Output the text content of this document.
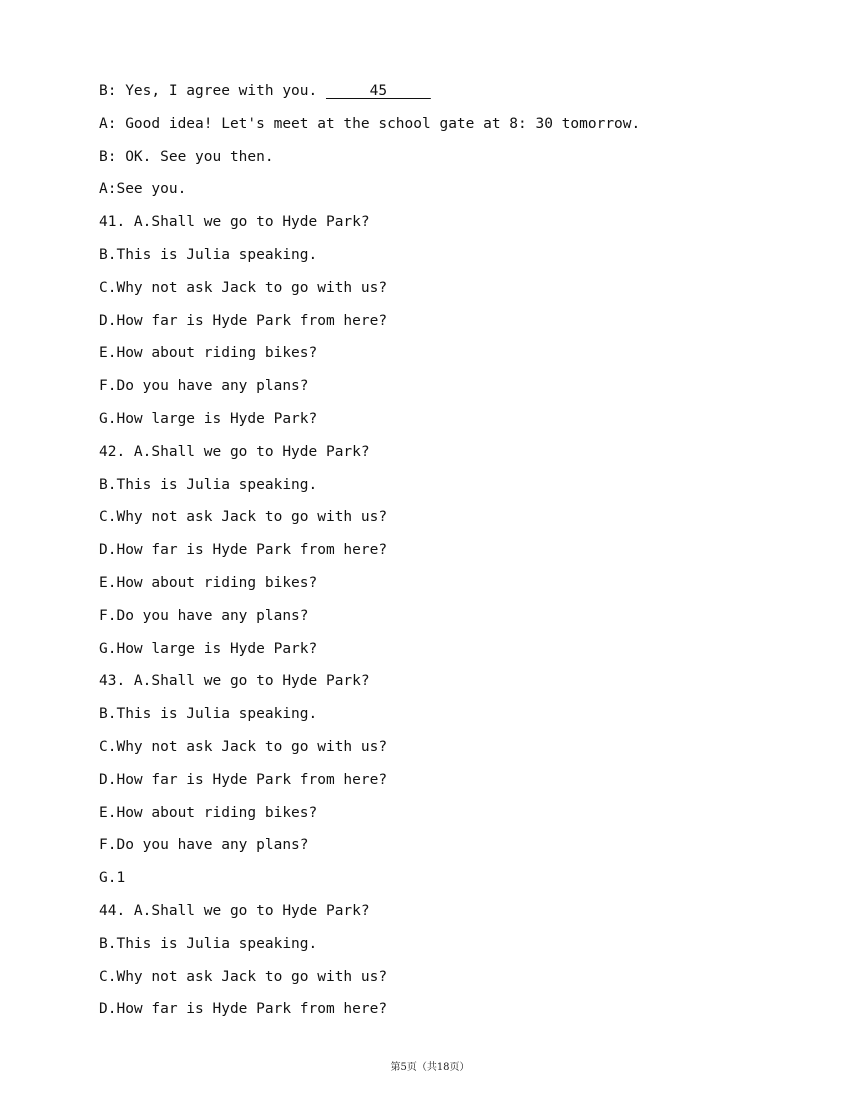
B: Yes, I agree with you. _____45_____
A: Good idea! Let's meet at the school gate at 8: 30 tomorrow.
B: OK. See you then.
A:See you.
41. A.Shall we go to Hyde Park?
B.This is Julia speaking.
C.Why not ask Jack to go with us?
D.How far is Hyde Park from here?
E.How about riding bikes?
F.Do you have any plans?
G.How large is Hyde Park?
42. A.Shall we go to Hyde Park?
B.This is Julia speaking.
C.Why not ask Jack to go with us?
D.How far is Hyde Park from here?
E.How about riding bikes?
F.Do you have any plans?
G.How large is Hyde Park?
43. A.Shall we go to Hyde Park?
B.This is Julia speaking.
C.Why not ask Jack to go with us?
D.How far is Hyde Park from here?
E.How about riding bikes?
F.Do you have any plans?
G.1
44. A.Shall we go to Hyde Park?
B.This is Julia speaking.
C.Why not ask Jack to go with us?
D.How far is Hyde Park from here?
第5页（共18页）
